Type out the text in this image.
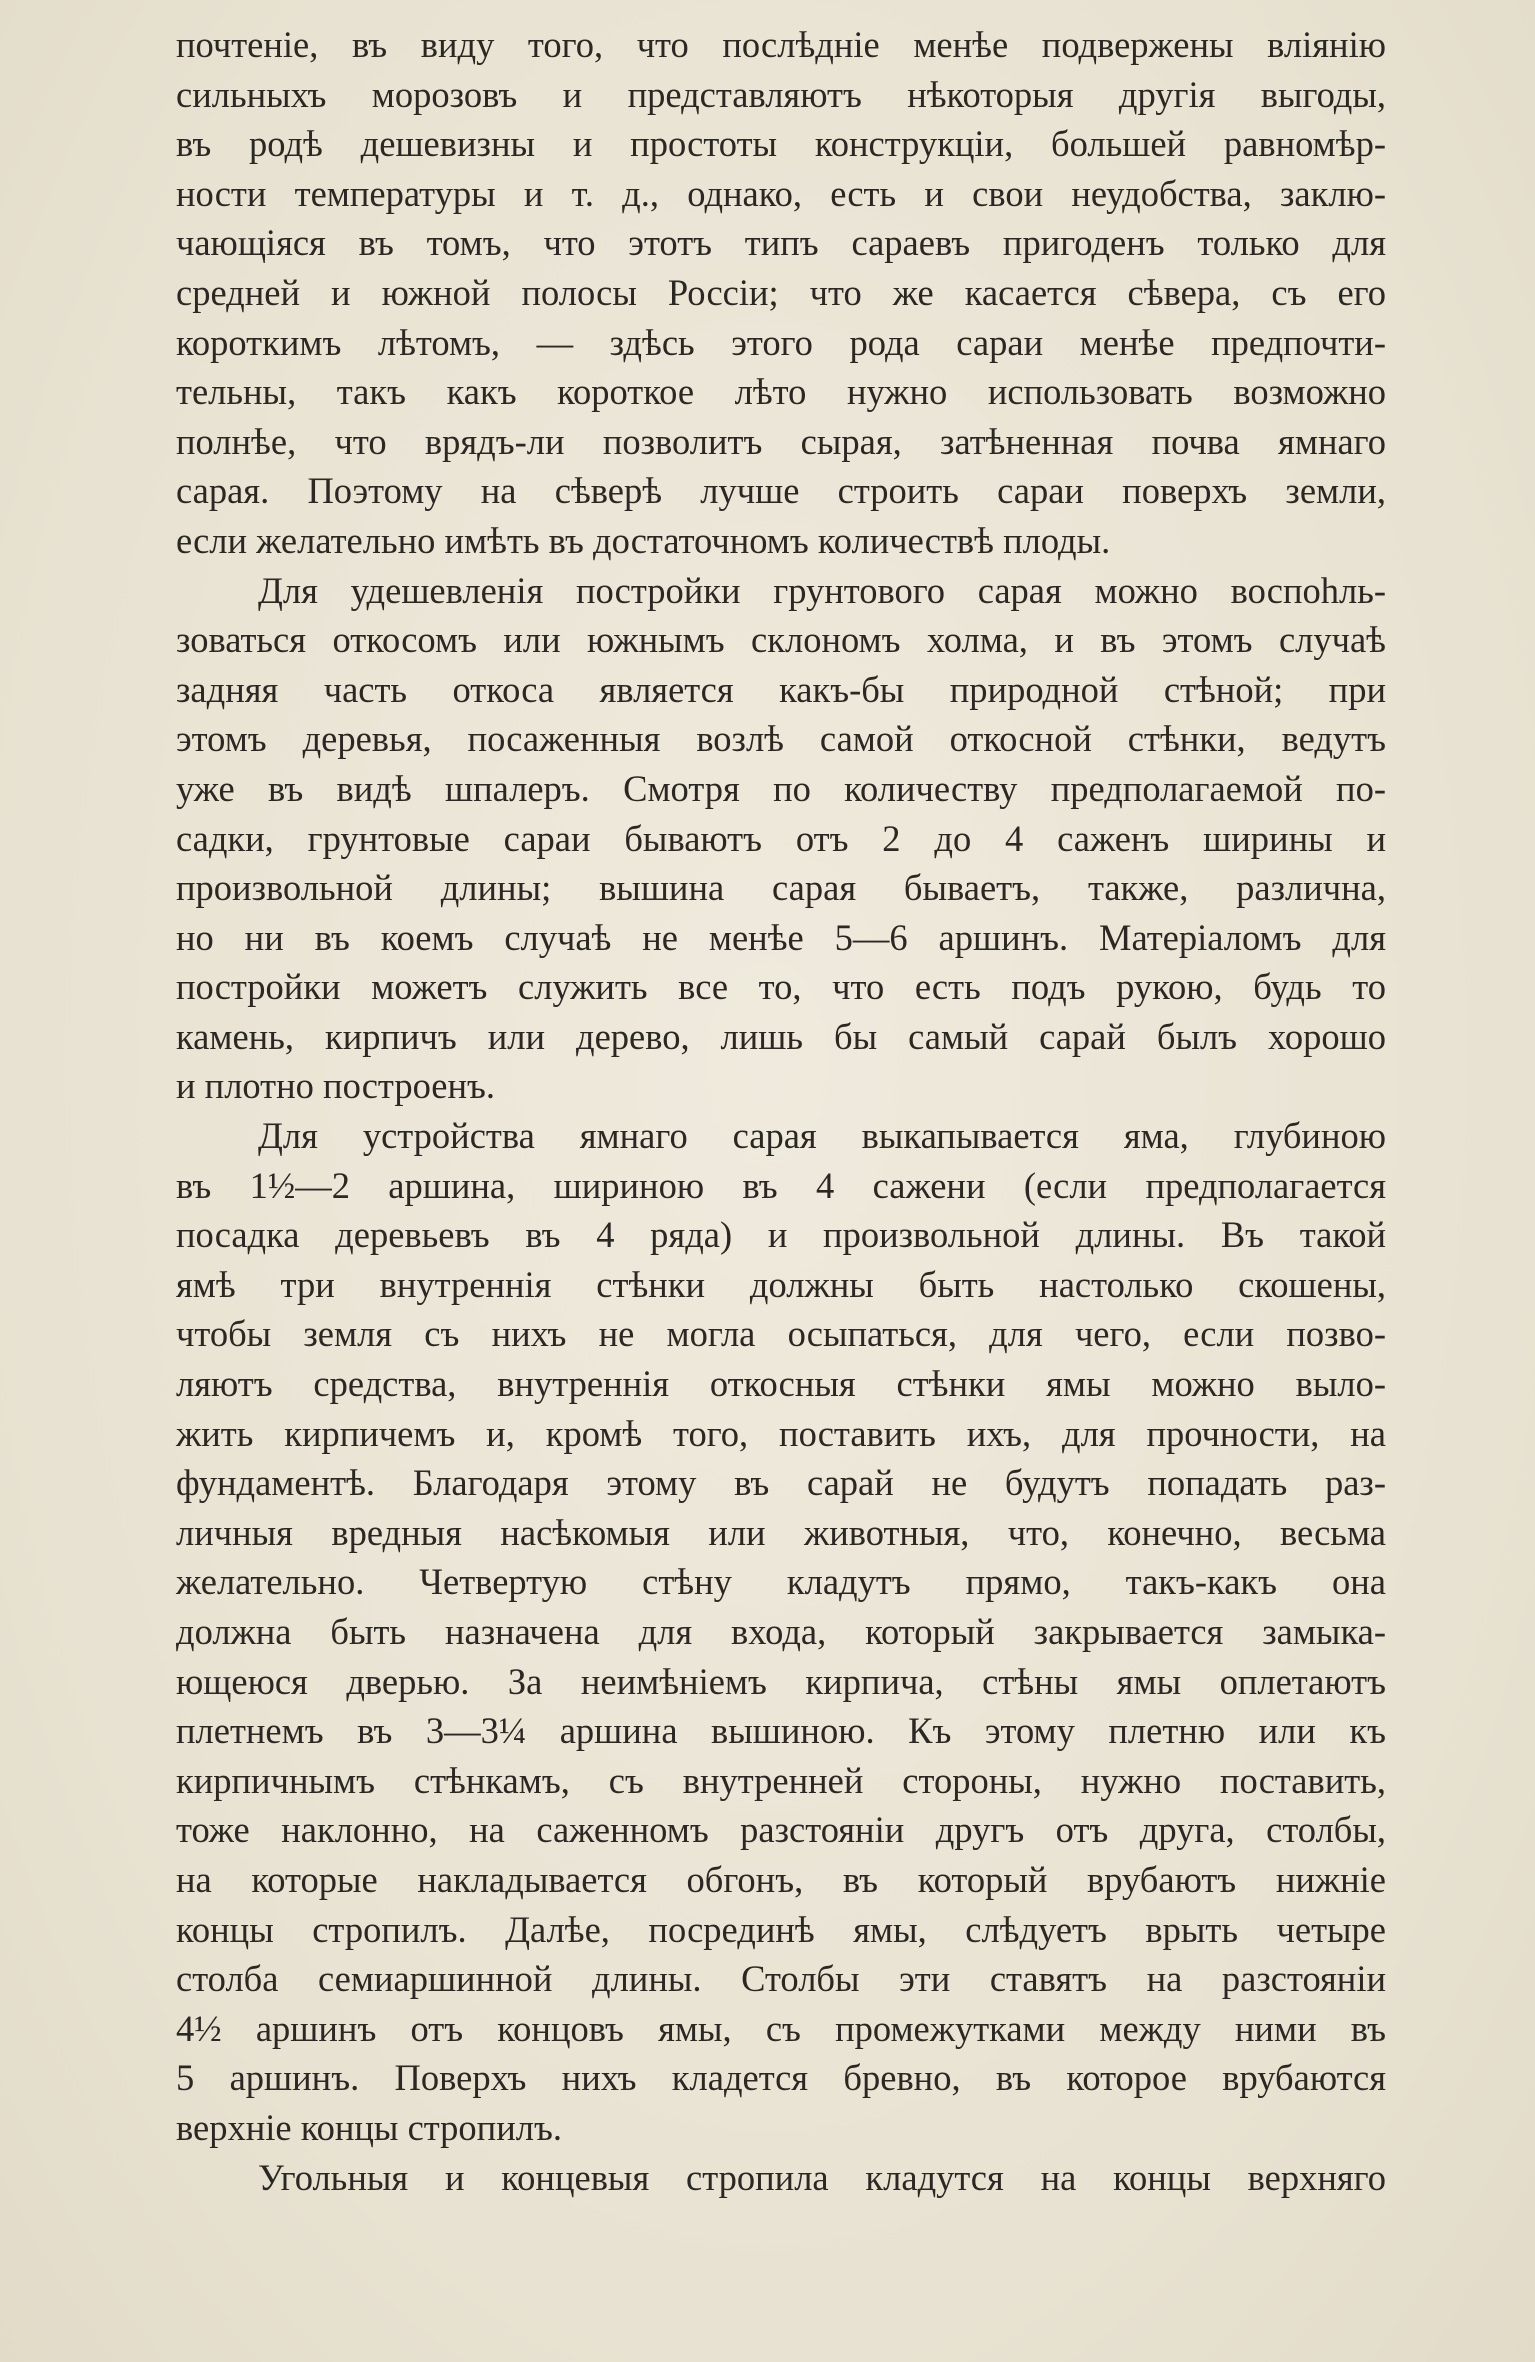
почтенiе, въ виду того, что послѣднiе менѣе подвержены влiянiю
сильныхъ морозовъ и представляютъ нѣкоторыя другiя выгоды,
въ родѣ дешевизны и простоты конструкцiи, большей равномѣр-
ности температуры и т. д., однако, есть и свои неудобства, заклю-
чающiяся въ томъ, что этотъ типъ сараевъ пригоденъ только для
средней и южной полосы Россiи; что же касается сѣвера, съ его
короткимъ лѣтомъ, — здѣсь этого рода сараи менѣе предпочти-
тельны, такъ какъ короткое лѣто нужно использовать возможно
полнѣе, что врядъ-ли позволитъ сырая, затѣненная почва ямнаго
сарая. Поэтому на сѣверѣ лучше строить сараи поверхъ земли,
если желательно имѣть въ достаточномъ количествѣ плоды.
Для удешевленiя постройки грунтового сарая можно воспоhль-
зоваться откосомъ или южнымъ склономъ холма, и въ этомъ случаѣ
задняя часть откоса является какъ-бы природной стѣной; при
этомъ деревья, посаженныя возлѣ самой откосной стѣнки, ведутъ
уже въ видѣ шпалеръ. Смотря по количеству предполагаемой по-
садки, грунтовые сараи бываютъ отъ 2 до 4 саженъ ширины и
произвольной длины; вышина сарая бываетъ, также, различна,
но ни въ коемъ случаѣ не менѣе 5—6 аршинъ. Матерiаломъ для
постройки можетъ служить все то, что есть подъ рукою, будь то
камень, кирпичъ или дерево, лишь бы самый сарай былъ хорошо
и плотно построенъ.
Для устройства ямнаго сарая выкапывается яма, глубиною
въ 1½—2 аршина, шириною въ 4 сажени (если предполагается
посадка деревьевъ въ 4 ряда) и произвольной длины. Въ такой
ямѣ три внутреннiя стѣнки должны быть настолько скошены,
чтобы земля съ нихъ не могла осыпаться, для чего, если позво-
ляютъ средства, внутреннiя откосныя стѣнки ямы можно выло-
жить кирпичемъ и, кромѣ того, поставить ихъ, для прочности, на
фундаментѣ. Благодаря этому въ сарай не будутъ попадать раз-
личныя вредныя насѣкомыя или животныя, что, конечно, весьма
желательно. Четвертую стѣну кладутъ прямо, такъ-какъ она
должна быть назначена для входа, который закрывается замыка-
ющеюся дверью. За неимѣнiемъ кирпича, стѣны ямы оплетаютъ
плетнемъ въ 3—3¼ аршина вышиною. Къ этому плетню или къ
кирпичнымъ стѣнкамъ, съ внутренней стороны, нужно поставить,
тоже наклонно, на саженномъ разстоянiи другъ отъ друга, столбы,
на которые накладывается обгонъ, въ который врубаютъ нижнiе
концы стропилъ. Далѣе, посрединѣ ямы, слѣдуетъ врыть четыре
столба семиаршинной длины. Столбы эти ставятъ на разстоянiи
4½ аршинъ отъ концовъ ямы, съ промежутками между ними въ
5 аршинъ. Поверхъ нихъ кладется бревно, въ которое врубаются
верхнiе концы стропилъ.
Угольныя и концевыя стропила кладутся на концы верхняго
